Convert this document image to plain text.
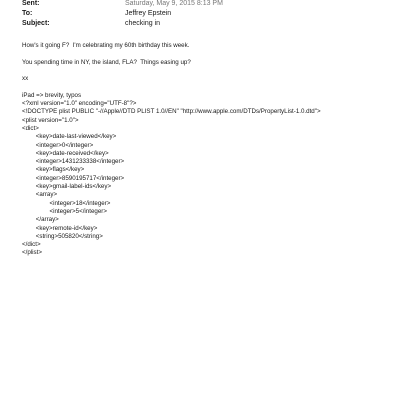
Sent:	Saturday, May 9, 2015 8:13 PM
To:	Jeffrey Epstein
Subject:	checking in
How's it going F?  I'm celebrating my 60th birthday this week.
You spending time in NY, the island, FLA?  Things easing up?
xx
iPad => brevity, typos
<?xml version="1.0" encoding="UTF-8"?>
<!DOCTYPE plist PUBLIC "-//Apple//DTD PLIST 1.0//EN" "http://www.apple.com/DTDs/PropertyList-1.0.dtd">
<plist version="1.0">
<dict>
<key>date-last-viewed</key>
<integer>0</integer>
<key>date-received</key>
<integer>1431233338</integer>
<key>flags</key>
<integer>8590195717</integer>
<key>gmail-label-ids</key>
<array>
<integer>18</integer>
<integer>5</integer>
</array>
<key>remote-id</key>
<string>505820</string>
</dict>
</plist>
